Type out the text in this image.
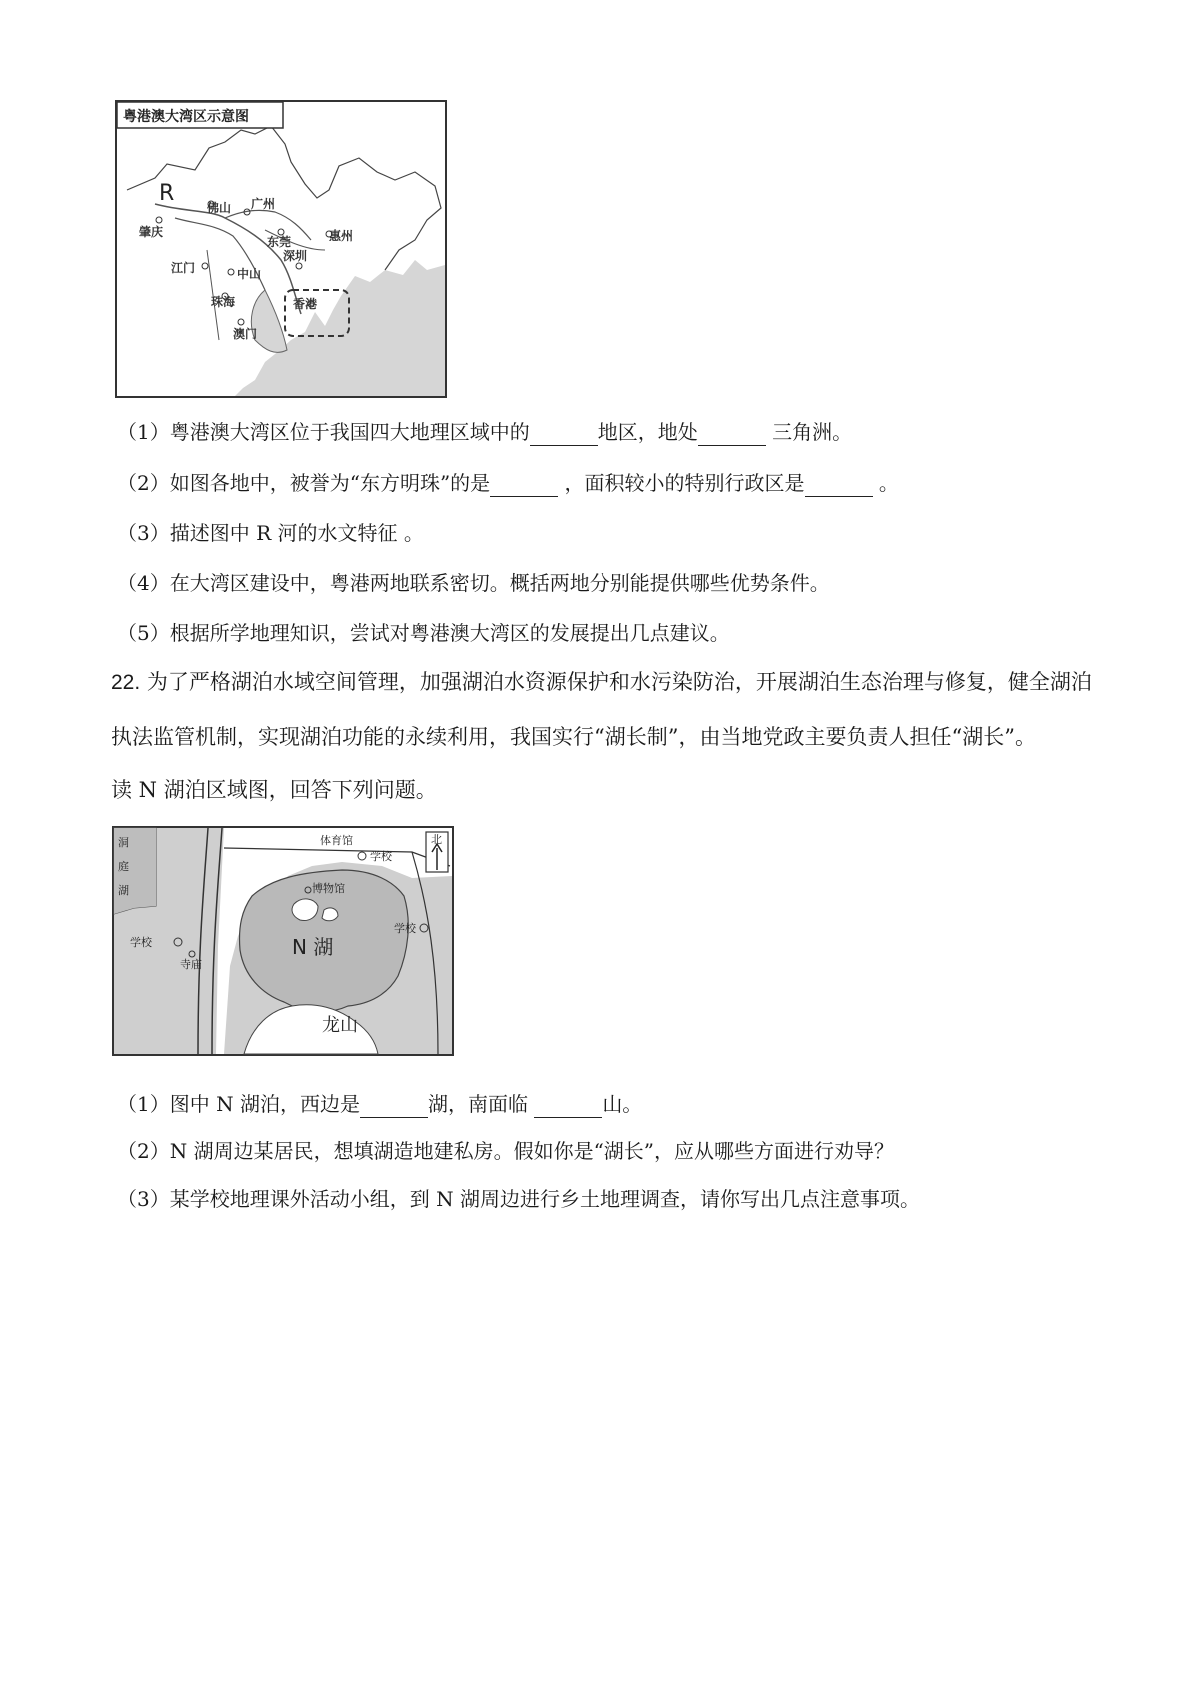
粤港澳大湾区示意图
R	广州
佛山
肇庆
东莞	惠州
江门	中山
深圳
香港
珠海
澳门
（1）粤港澳大湾区位于我国四大地理区域中的	地区，地处	三角洲。
（2）如图各地中，被誉为“东方明珠”的是	，面积较小的特别行政区是	。
（3）描述图中 R 河的水文特征 。
（4）在大湾区建设中，粤港两地联系密切。概括两地分别能提供哪些优势条件。
（5）根据所学地理知识，尝试对粤港澳大湾区的发展提出几点建议。
22. 为了严格湖泊水域空间管理，加强湖泊水资源保护和水污染防治，开展湖泊生态治理与修复，健全湖泊
执法监管机制，实现湖泊功能的永续利用，我国实行“湖长制”，由当地党政主要负责人担任“湖长”。
读 N 湖泊区域图，回答下列问题。
北
洞
庭
湖
N 湖
龙山
体育馆
博物馆
学校
学校
学校
寺庙
（1）图中 N 湖泊，西边是	湖，南面临	山。
（2）N 湖周边某居民，想填湖造地建私房。假如你是“湖长”，应从哪些方面进行劝导？
（3）某学校地理课外活动小组，到 N 湖周边进行乡土地理调查，请你写出几点注意事项。
